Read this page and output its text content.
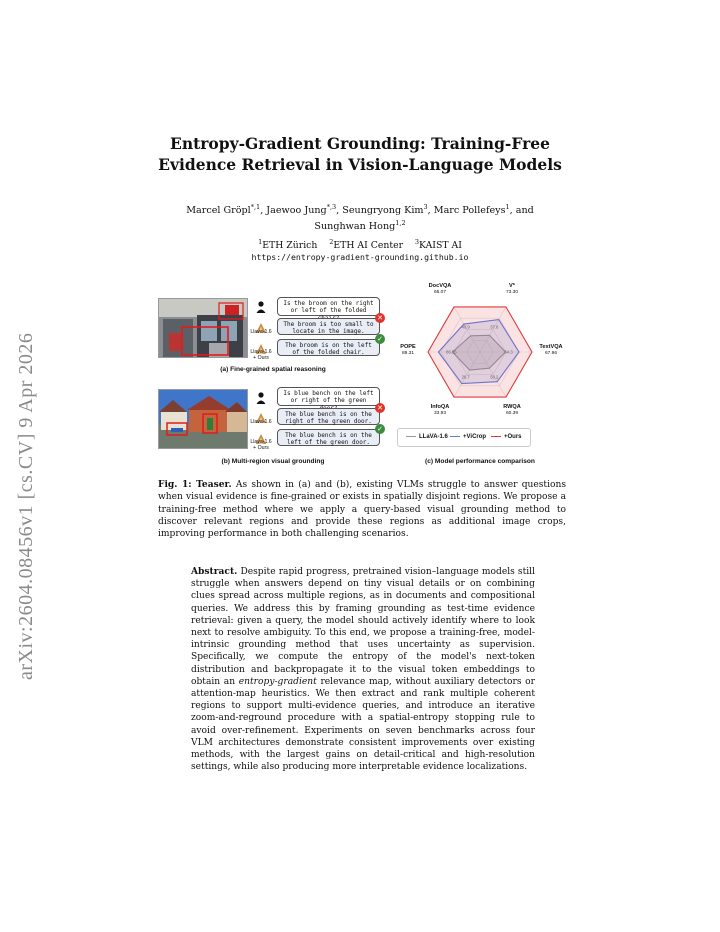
arXiv:2604.08456v1 [cs.CV] 9 Apr 2026
Entropy-Gradient Grounding: Training-Free
Evidence Retrieval in Vision-Language Models
Marcel Gröpl$^{*,1}$, Jaewoo Jung$^{*,3}$, Seungryong Kim$^3$, Marc Pollefeys$^1$, and
Sunghwan Hong$^{1,2}$
$^1$ETH Zürich $^2$ETH AI Center $^3$KAIST AI
https://entropy-gradient-grounding.github.io
Is the broom on the right or left of the folded
Llava-1.6
The broom is too small to locate in the image.
✕
Llava-1.6
+ Ours
The broom is on the left of the folded chair.
✓
(a) Fine-grained spatial reasoning
Is blue bench on the left or right of the green
Llava-1.6
The blue bench is on the right of the green door.
✕
Llava-1.6
+ Ours
The blue bench is on the left of the green door.
✓
(b) Multi-region visual grounding
37.6
64.3
58.2
26.7
86.55
49.9
DocVQA
65.07
V*
73.30
TextVQA
67.96
RWQA
60.39
InfoQA
33.93
POPE
89.31
LLaVA-1.6	+ViCrop	+Ours
(c) Model performance comparison
Fig. 1: Teaser. As shown in (a) and (b), existing VLMs struggle to answer questions when visual evidence is fine-grained or exists in spatially disjoint regions. We propose a training-free method where we apply a query-based visual grounding method to discover relevant regions and provide these regions as additional image crops, improving performance in both challenging scenarios.
Abstract. Despite rapid progress, pretrained vision–language models still struggle when answers depend on tiny visual details or on combining clues spread across multiple regions, as in documents and compositional queries. We address this by framing grounding as test-time evidence retrieval: given a query, the model should actively identify where to look next to resolve ambiguity. To this end, we propose a training-free, model-intrinsic grounding method that uses uncertainty as supervision. Specifically, we compute the entropy of the model's next-token distribution and backpropagate it to the visual token embeddings to obtain an entropy-gradient relevance map, without auxiliary detectors or attention-map heuristics. We then extract and rank multiple coherent regions to support multi-evidence queries, and introduce an iterative zoom-and-reground procedure with a spatial-entropy stopping rule to avoid over-refinement. Experiments on seven benchmarks across four VLM architectures demonstrate consistent improvements over existing methods, with the largest gains on detail-critical and high-resolution settings, while also producing more interpretable evidence localizations.
